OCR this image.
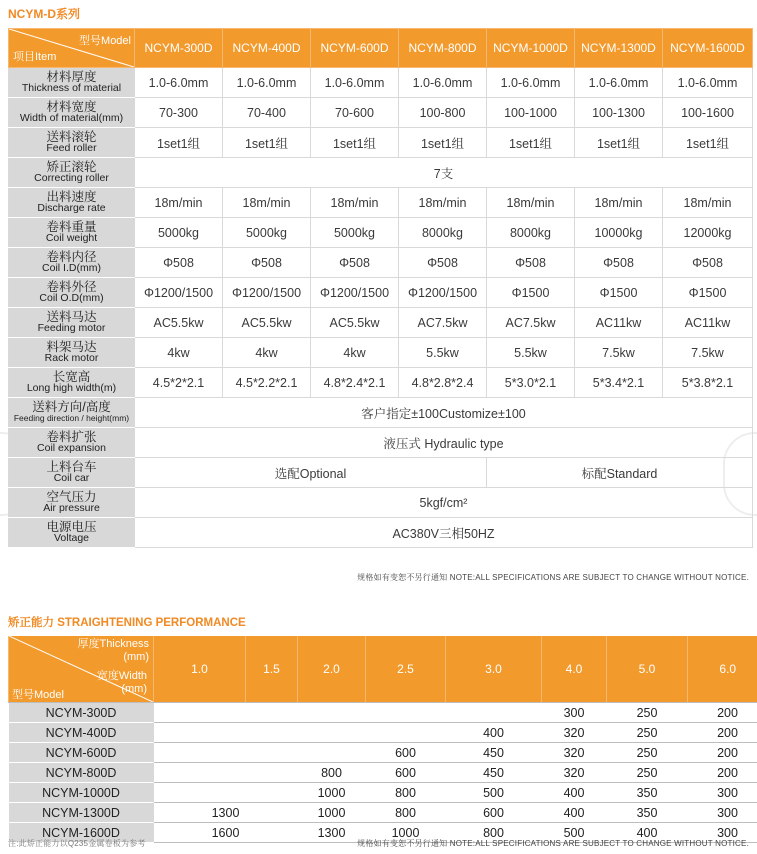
NCYM-D系列
型号Model
项目Item	NCYM-300D	NCYM-400D	NCYM-600D	NCYM-800D	NCYM-1000D	NCYM-1300D	NCYM-1600D

材料厚度
Thickness of material	1.0-6.0mm	1.0-6.0mm	1.0-6.0mm	1.0-6.0mm	1.0-6.0mm	1.0-6.0mm	1.0-6.0mm

材料宽度
Width of material(mm)	70-300	70-400	70-600	100-800	100-1000	100-1300	100-1600

送料滚轮
Feed roller	1set1组	1set1组	1set1组	1set1组	1set1组	1set1组	1set1组

矫正滚轮
Correcting roller	7支						

出料速度
Discharge rate	18m/min	18m/min	18m/min	18m/min	18m/min	18m/min	18m/min

卷料重量
Coil weight	5000kg	5000kg	5000kg	8000kg	8000kg	10000kg	12000kg

卷料内径
Coil I.D(mm)	Φ508	Φ508	Φ508	Φ508	Φ508	Φ508	Φ508

卷料外径
Coil O.D(mm)	Φ1200/1500	Φ1200/1500	Φ1200/1500	Φ1200/1500	Φ1500	Φ1500	Φ1500

送料马达
Feeding motor	AC5.5kw	AC5.5kw	AC5.5kw	AC7.5kw	AC7.5kw	AC11kw	AC11kw

料架马达
Rack motor	4kw	4kw	4kw	5.5kw	5.5kw	7.5kw	7.5kw

长宽高
Long high width(m)	4.5*2*2.1	4.5*2.2*2.1	4.8*2.4*2.1	4.8*2.8*2.4	5*3.0*2.1	5*3.4*2.1	5*3.8*2.1

送料方向/高度
Feeding direction / height(mm)	客户指定±100Customize±100						

卷料扩张
Coil expansion	液压式 Hydraulic type						

上料台车
Coil car	选配Optional				标配Standard		

空气压力
Air pressure	5kgf/cm²						

电源电压
Voltage	AC380V三相50HZ						
规格如有变恕不另行通知 NOTE:ALL SPECIFICATIONS ARE SUBJECT TO CHANGE WITHOUT NOTICE.
矫正能力 STRAIGHTENING PERFORMANCE
厚度Thickness
(mm)
宽度Width
(mm)
型号Model	1.0	1.5	2.0	2.5	3.0	4.0	5.0	6.0
NCYM-300D						300	250	200
NCYM-400D					400	320	250	200
NCYM-600D				600	450	320	250	200
NCYM-800D			800	600	450	320	250	200
NCYM-1000D			1000	800	500	400	350	300
NCYM-1300D	1300		1000	800	600	400	350	300
NCYM-1600D	1600		1300	1000	800	500	400	300
注:此矫正能力以Q235金属卷板为参考	规格如有变恕不另行通知 NOTE:ALL SPECIFICATIONS ARE SUBJECT TO CHANGE WITHOUT NOTICE.
